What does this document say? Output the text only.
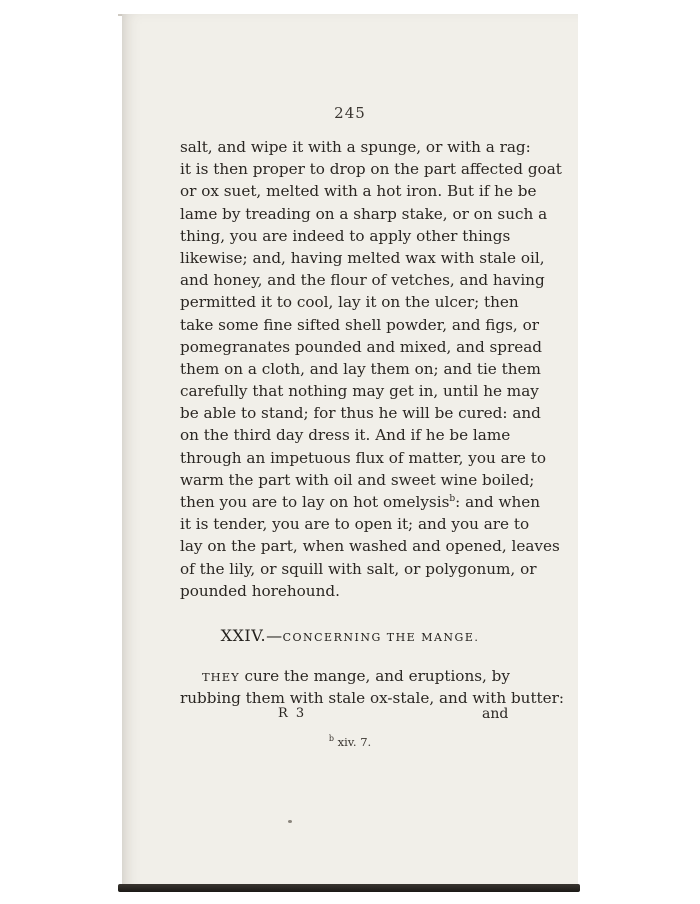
245
salt, and wipe it with a spunge, or with a rag:
it is then proper to drop on the part affected goat
or ox suet, melted with a hot iron. But if he be
lame by treading on a sharp stake, or on such a
thing, you are indeed to apply other things
likewise; and, having melted wax with stale oil,
and honey, and the flour of vetches, and having
permitted it to cool, lay it on the ulcer; then
take some fine sifted shell powder, and figs, or
pomegranates pounded and mixed, and spread
them on a cloth, and lay them on; and tie them
carefully that nothing may get in, until he may
be able to stand; for thus he will be cured: and
on the third day dress it. And if he be lame
through an impetuous flux of matter, you are to
warm the part with oil and sweet wine boiled;
then you are to lay on hot omelysis$^b$: and when
it is tender, you are to open it; and you are to
lay on the part, when washed and opened, leaves
of the lily, or squill with salt, or polygonum, or
pounded horehound.
XXIV.—CONCERNING THE MANGE.
THEY cure the mange, and eruptions, by
rubbing them with stale ox-stale, and with butter:
R 3	and
$^b$ xiv. 7.
